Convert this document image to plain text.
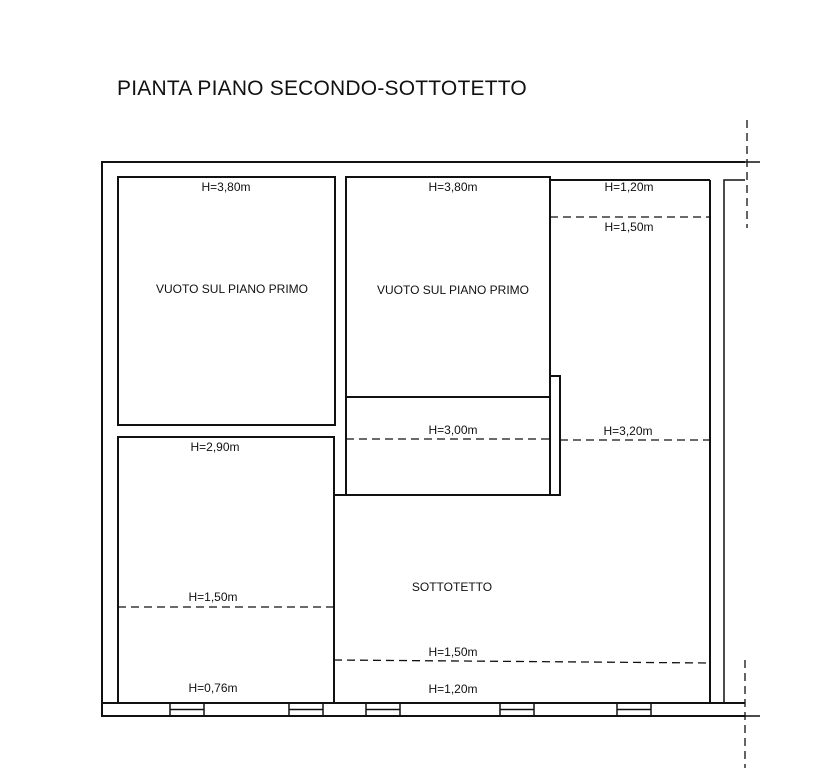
PIANTA PIANO SECONDO-SOTTOTETTO
H=3,80m
VUOTO SUL PIANO PRIMO
H=3,80m
VUOTO SUL PIANO PRIMO
H=1,20m
H=1,50m
H=3,20m
H=3,00m
H=2,90m
H=1,50m
H=0,76m
SOTTOTETTO
H=1,50m
H=1,20m
